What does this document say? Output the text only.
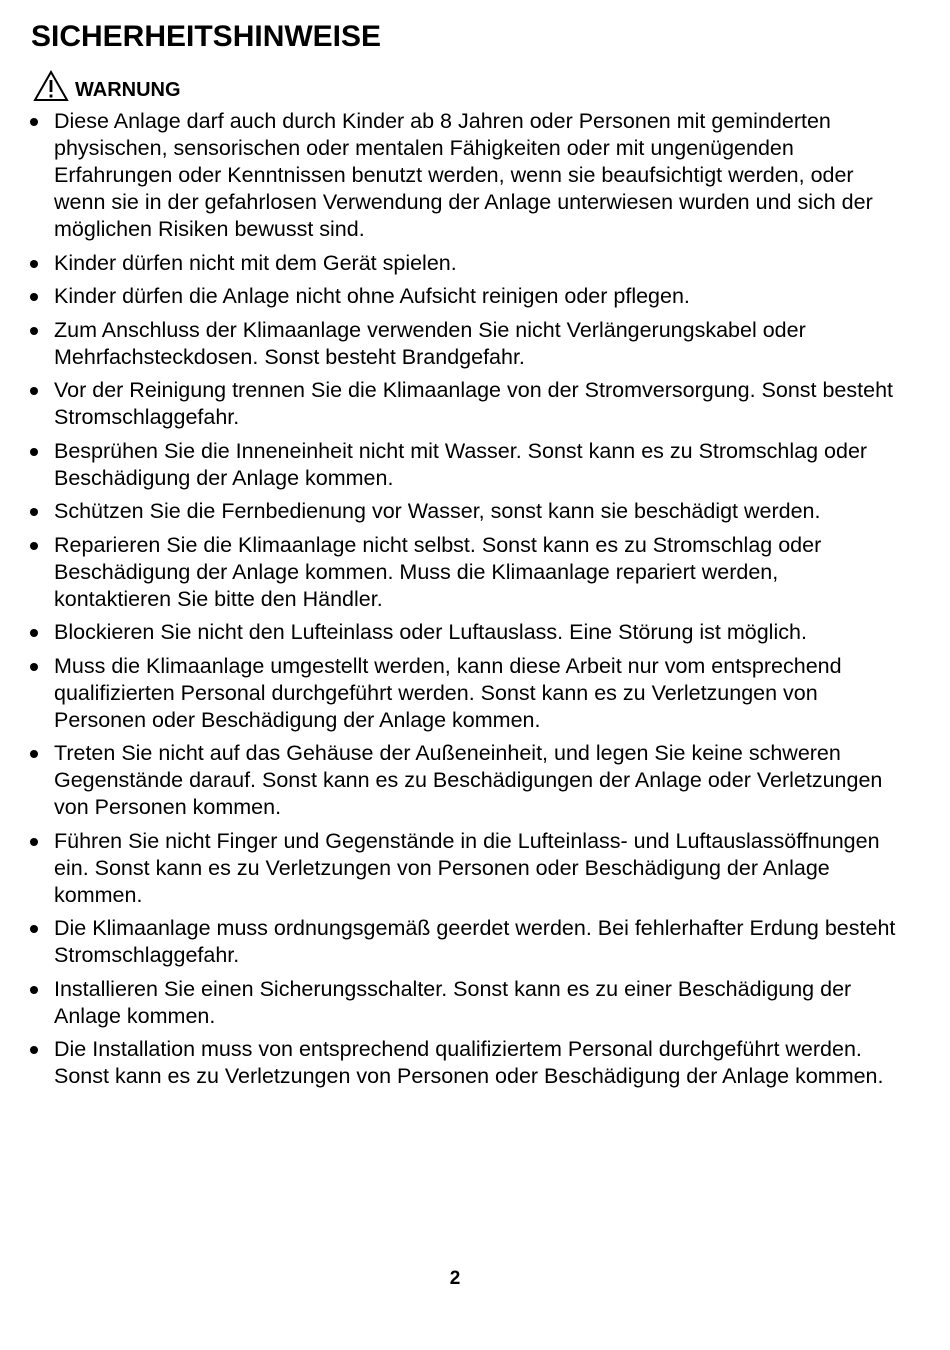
SICHERHEITSHINWEISE
WARNUNG
Diese Anlage darf auch durch Kinder ab 8 Jahren oder Personen mit geminderten physischen, sensorischen oder mentalen Fähigkeiten oder mit ungenügenden Erfahrungen oder Kenntnissen benutzt werden, wenn sie beaufsichtigt werden, oder wenn sie in der gefahrlosen Verwendung der Anlage unterwiesen wurden und sich der möglichen Risiken bewusst sind.
Kinder dürfen nicht mit dem Gerät spielen.
Kinder dürfen die Anlage nicht ohne Aufsicht reinigen oder pflegen.
Zum Anschluss der Klimaanlage verwenden Sie nicht Verlängerungskabel oder Mehrfachsteckdosen. Sonst besteht Brandgefahr.
Vor der Reinigung trennen Sie die Klimaanlage von der Stromversorgung. Sonst besteht Stromschlaggefahr.
Besprühen Sie die Inneneinheit nicht mit Wasser. Sonst kann es zu Stromschlag oder Beschädigung der Anlage kommen.
Schützen Sie die Fernbedienung vor Wasser, sonst kann sie beschädigt werden.
Reparieren Sie die Klimaanlage nicht selbst. Sonst kann es zu Stromschlag oder Beschädigung der Anlage kommen. Muss die Klimaanlage repariert werden, kontaktieren Sie bitte den Händler.
Blockieren Sie nicht den Lufteinlass oder Luftauslass. Eine Störung ist möglich.
Muss die Klimaanlage umgestellt werden, kann diese Arbeit nur vom entsprechend qualifizierten Personal durchgeführt werden. Sonst kann es zu Verletzungen von Personen oder Beschädigung der Anlage kommen.
Treten Sie nicht auf das Gehäuse der Außeneinheit, und legen Sie keine schweren Gegenstände darauf. Sonst kann es zu Beschädigungen der Anlage oder Verletzungen von Personen kommen.
Führen Sie nicht Finger und Gegenstände in die Lufteinlass- und Luftauslassöffnungen ein. Sonst kann es zu Verletzungen von Personen oder Beschädigung der Anlage kommen.
Die Klimaanlage muss ordnungsgemäß geerdet werden. Bei fehlerhafter Erdung besteht Stromschlaggefahr.
Installieren Sie einen Sicherungsschalter. Sonst kann es zu einer Beschädigung der Anlage kommen.
Die Installation muss von entsprechend qualifiziertem Personal durchgeführt werden. Sonst kann es zu Verletzungen von Personen oder Beschädigung der Anlage kommen.
2
